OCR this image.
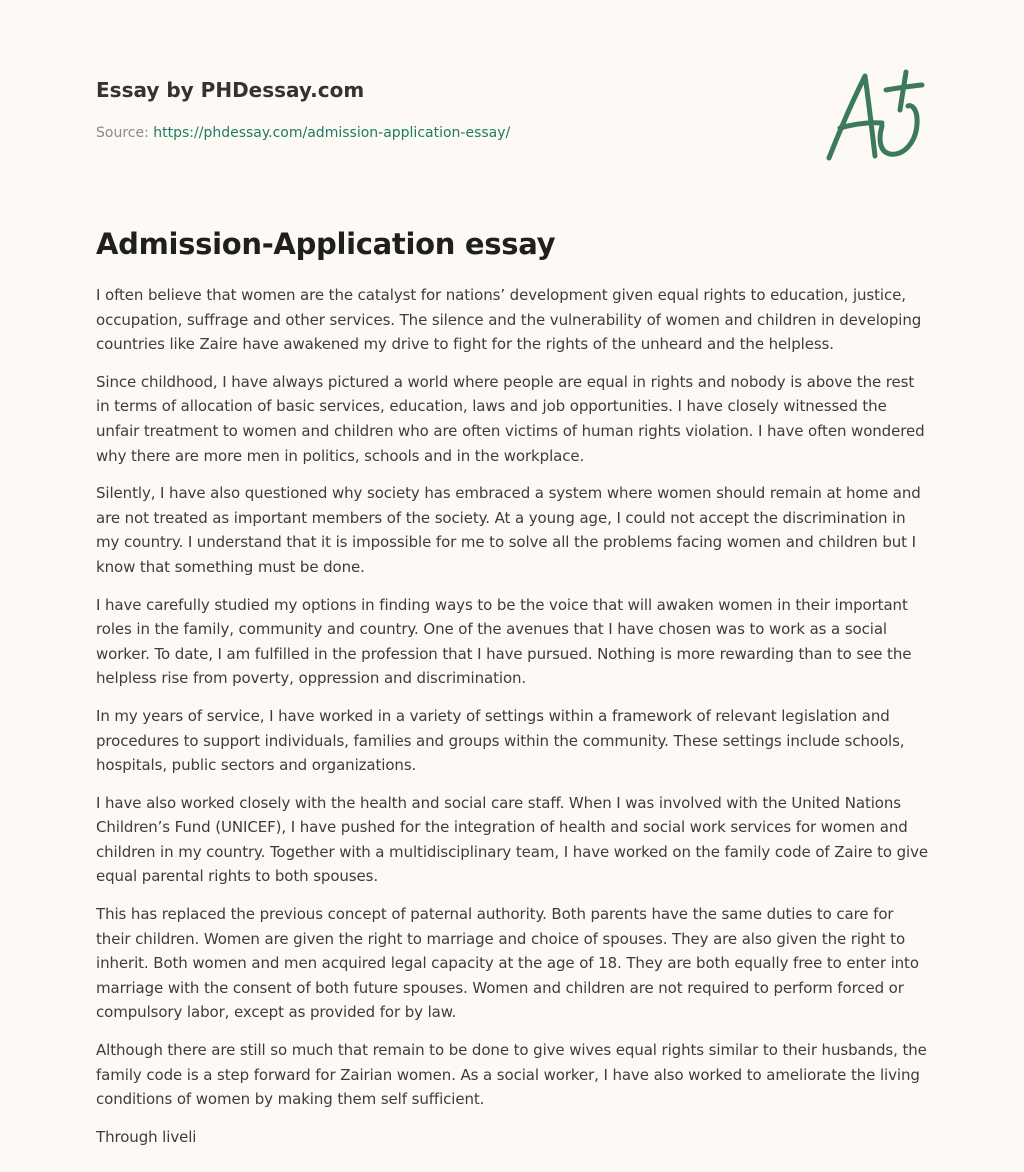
Essay by PHDessay.com
Source: https://phdessay.com/admission-application-essay/
Admission-Application essay

I often believe that women are the catalyst for nations’ development given equal rights to education, justice, occupation, suffrage and other services. The silence and the vulnerability of women and children in developing countries like Zaire have awakened my drive to fight for the rights of the unheard and the helpless.

Since childhood, I have always pictured a world where people are equal in rights and nobody is above the rest in terms of allocation of basic services, education, laws and job opportunities. I have closely witnessed the unfair treatment to women and children who are often victims of human rights violation. I have often wondered why there are more men in politics, schools and in the workplace.

Silently, I have also questioned why society has embraced a system where women should remain at home and are not treated as important members of the society. At a young age, I could not accept the discrimination in my country. I understand that it is impossible for me to solve all the problems facing women and children but I know that something must be done.

I have carefully studied my options in finding ways to be the voice that will awaken women in their important roles in the family, community and country. One of the avenues that I have chosen was to work as a social worker. To date, I am fulfilled in the profession that I have pursued. Nothing is more rewarding than to see the helpless rise from poverty, oppression and discrimination.

In my years of service, I have worked in a variety of settings within a framework of relevant legislation and procedures to support individuals, families and groups within the community. These settings include schools, hospitals, public sectors and organizations.

I have also worked closely with the health and social care staff. When I was involved with the United Nations Children’s Fund (UNICEF), I have pushed for the integration of health and social work services for women and children in my country. Together with a multidisciplinary team, I have worked on the family code of Zaire to give equal parental rights to both spouses.

This has replaced the previous concept of paternal authority. Both parents have the same duties to care for their children. Women are given the right to marriage and choice of spouses. They are also given the right to inherit. Both women and men acquired legal capacity at the age of 18. They are both equally free to enter into marriage with the consent of both future spouses. Women and children are not required to perform forced or compulsory labor, except as provided for by law.

Although there are still so much that remain to be done to give wives equal rights similar to their husbands, the family code is a step forward for Zairian women. As a social worker, I have also worked to ameliorate the living conditions of women by making them self sufficient.

Through liveli
